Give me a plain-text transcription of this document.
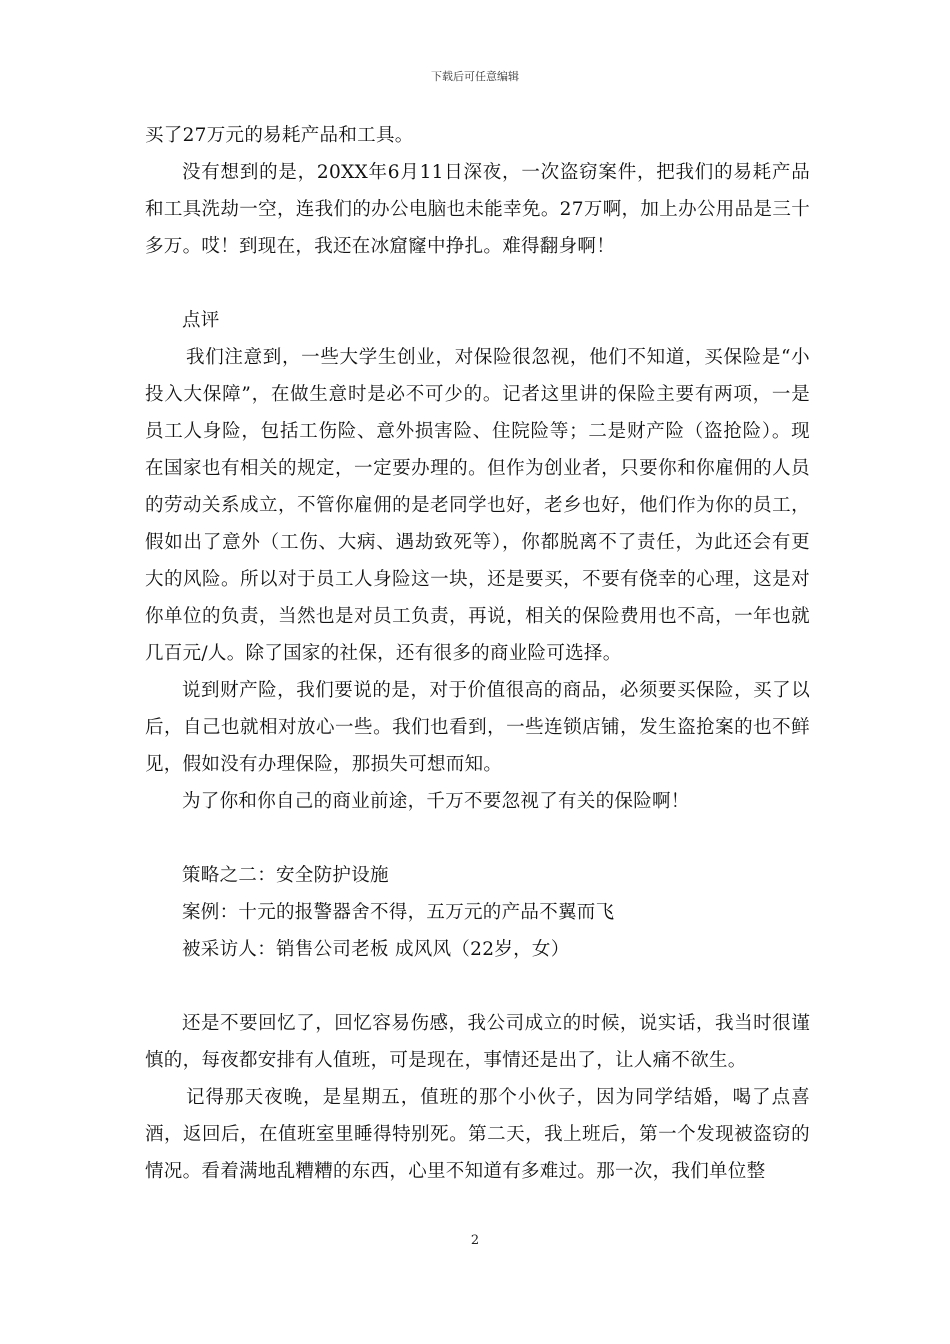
下载后可任意编辑

买了27万元的易耗产品和工具。

没有想到的是，20XX年6月11日深夜，一次盗窃案件，把我们的易耗产品和工具洗劫一空，连我们的办公电脑也未能幸免。27万啊，加上办公用品是三十多万。哎！到现在，我还在冰窟窿中挣扎。难得翻身啊！

点评

我们注意到，一些大学生创业，对保险很忽视，他们不知道，买保险是“小投入大保障”，在做生意时是必不可少的。记者这里讲的保险主要有两项，一是员工人身险，包括工伤险、意外损害险、住院险等；二是财产险（盗抢险）。现在国家也有相关的规定，一定要办理的。但作为创业者，只要你和你雇佣的人员的劳动关系成立，不管你雇佣的是老同学也好，老乡也好，他们作为你的员工，假如出了意外（工伤、大病、遇劫致死等），你都脱离不了责任，为此还会有更大的风险。所以对于员工人身险这一块，还是要买，不要有侥幸的心理，这是对你单位的负责，当然也是对员工负责，再说，相关的保险费用也不高，一年也就几百元/人。除了国家的社保，还有很多的商业险可选择。

说到财产险，我们要说的是，对于价值很高的商品，必须要买保险，买了以后，自己也就相对放心一些。我们也看到，一些连锁店铺，发生盗抢案的也不鲜见，假如没有办理保险，那损失可想而知。

为了你和你自己的商业前途，千万不要忽视了有关的保险啊！

策略之二：安全防护设施

案例：十元的报警器舍不得，五万元的产品不翼而飞

被采访人：销售公司老板 成风风（22岁，女）

还是不要回忆了，回忆容易伤感，我公司成立的时候，说实话，我当时很谨慎的，每夜都安排有人值班，可是现在，事情还是出了，让人痛不欲生。

记得那天夜晚，是星期五，值班的那个小伙子，因为同学结婚，喝了点喜酒，返回后，在值班室里睡得特别死。第二天，我上班后，第一个发现被盗窃的情况。看着满地乱糟糟的东西，心里不知道有多难过。那一次，我们单位整

2
